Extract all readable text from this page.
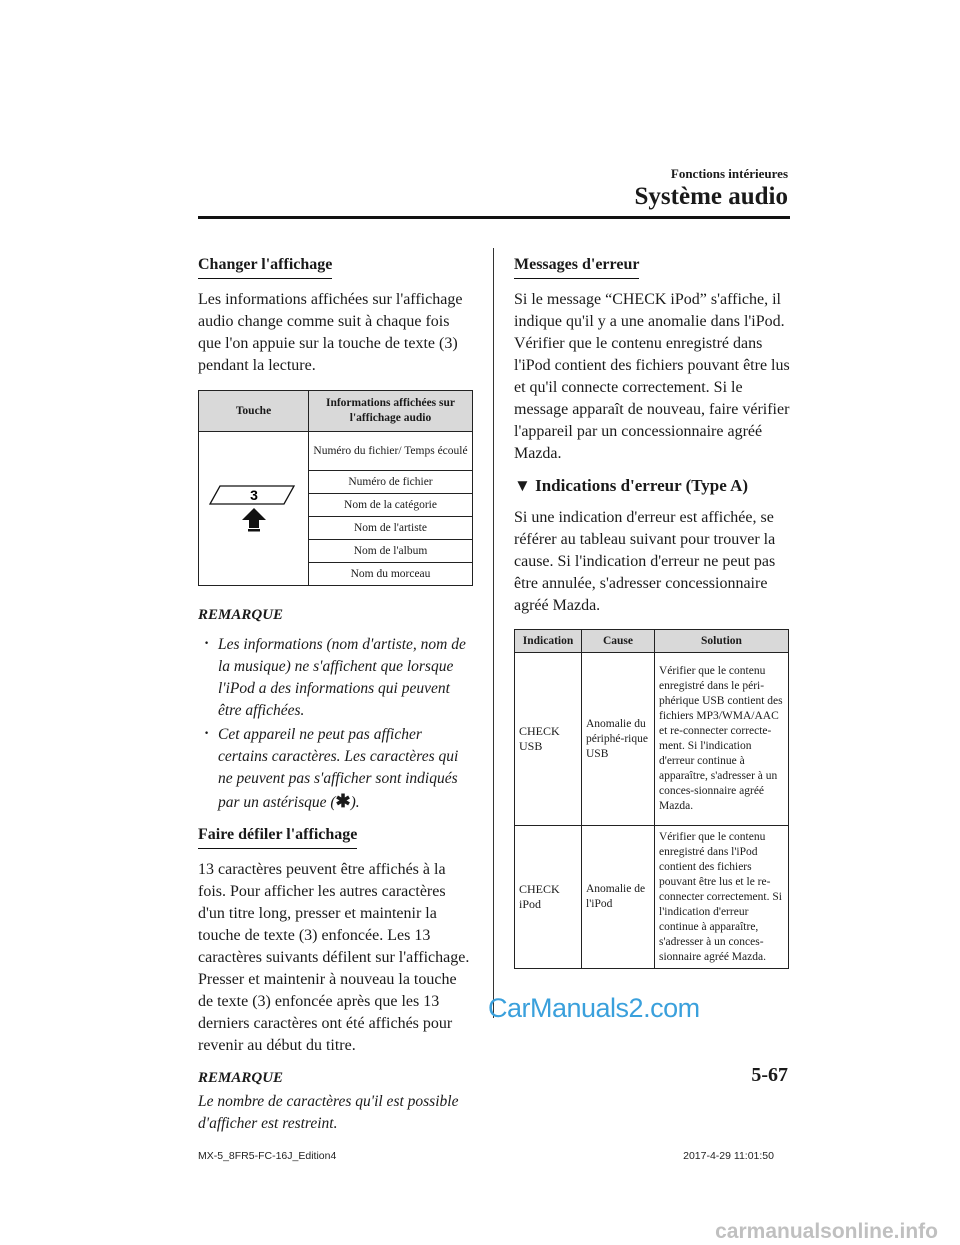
Fonctions intérieures
Système audio
Changer l'affichage

Les informations affichées sur l'affichage audio change comme suit à chaque fois que l'on appuie sur la touche de texte (3) pendant la lecture.

Touche	Informations affichées sur l'affichage audio

3	Numéro du fichier/ Temps écoulé
	Numéro de fichier
	Nom de la catégorie
	Nom de l'artiste
	Nom de l'album
	Nom du morceau
REMARQUE
· Les informations (nom d'artiste, nom de la musique) ne s'affichent que lorsque l'iPod a des informations qui peuvent être affichées.
· Cet appareil ne peut pas afficher certains caractères. Les caractères qui ne peuvent pas s'afficher sont indiqués par un astérisque (✱).
Faire défiler l'affichage

13 caractères peuvent être affichés à la fois. Pour afficher les autres caractères d'un titre long, presser et maintenir la touche de texte (3) enfoncée. Les 13 caractères suivants défilent sur l'affichage. Presser et maintenir à nouveau la touche de texte (3) enfoncée après que les 13 derniers caractères ont été affichés pour revenir au début du titre.

REMARQUE

Le nombre de caractères qu'il est possible d'afficher est restreint.

Messages d'erreur

Si le message “CHECK iPod” s'affiche, il indique qu'il y a une anomalie dans l'iPod. Vérifier que le contenu enregistré dans l'iPod contient des fichiers pouvant être lus et qu'il connecte correctement. Si le message apparaît de nouveau, faire vérifier l'appareil par un concessionnaire agréé Mazda.

▼ Indications d'erreur (Type A)

Si une indication d'erreur est affichée, se référer au tableau suivant pour trouver la cause. Si l'indication d'erreur ne peut pas être annulée, s'adresser concessionnaire agréé Mazda.

Indication	Cause	Solution
CHECK USB	Anomalie du périphé-rique USB	Vérifier que le contenu enregistré dans le péri-phérique USB contient des fichiers MP3/WMA/AAC et re-connecter correcte-ment. Si l'indication d'erreur continue à apparaître, s'adresser à un conces-sionnaire agréé Mazda.
CHECK iPod	Anomalie de l'iPod	Vérifier que le contenu enregistré dans l'iPod contient des fichiers pouvant être lus et le re-connecter correctement. Si l'indication d'erreur continue à apparaître, s'adresser à un conces-sionnaire agréé Mazda.
CarManuals2.com
5-67
MX-5_8FR5-FC-16J_Edition4	2017-4-29 11:01:50
carmanualsonline.info
